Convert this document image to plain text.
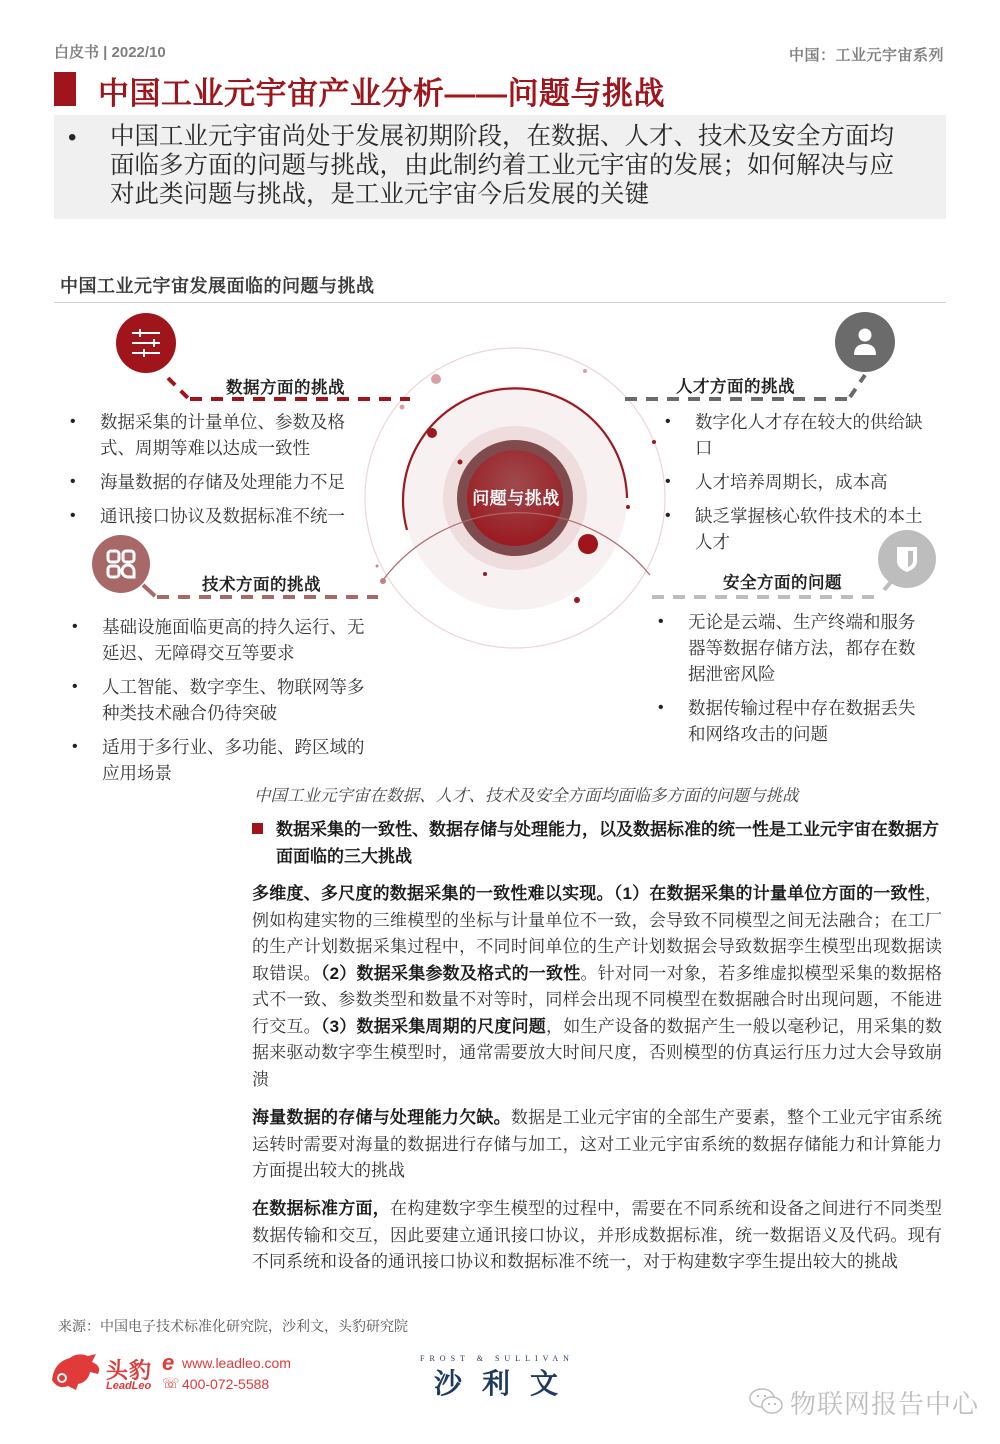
白皮书 | 2022/10	中国：工业元宇宙系列
中国工业元宇宙产业分析——问题与挑战
• 中国工业元宇宙尚处于发展初期阶段，在数据、人才、技术及安全方面均面临多方面的问题与挑战，由此制约着工业元宇宙的发展；如何解决与应对此类问题与挑战，是工业元宇宙今后发展的关键
中国工业元宇宙发展面临的问题与挑战
问题与挑战
数据方面的挑战
• 数据采集的计量单位、参数及格式、周期等难以达成一致性
• 海量数据的存储及处理能力不足
• 通讯接口协议及数据标准不统一
人才方面的挑战
• 数字化人才存在较大的供给缺口
• 人才培养周期长，成本高
• 缺乏掌握核心软件技术的本土人才
技术方面的挑战
• 基础设施面临更高的持久运行、无延迟、无障碍交互等要求
• 人工智能、数字孪生、物联网等多种类技术融合仍待突破
• 适用于多行业、多功能、跨区域的应用场景
安全方面的问题
• 无论是云端、生产终端和服务器等数据存储方法，都存在数据泄密风险
• 数据传输过程中存在数据丢失和网络攻击的问题
中国工业元宇宙在数据、人才、技术及安全方面均面临多方面的问题与挑战
数据采集的一致性、数据存储与处理能力，以及数据标准的统一性是工业元宇宙在数据方面面临的三大挑战
多维度、多尺度的数据采集的一致性难以实现。（1）在数据采集的计量单位方面的一致性，例如构建实物的三维模型的坐标与计量单位不一致，会导致不同模型之间无法融合；在工厂的生产计划数据采集过程中，不同时间单位的生产计划数据会导致数据孪生模型出现数据读取错误。（2）数据采集参数及格式的一致性。针对同一对象，若多维虚拟模型采集的数据格式不一致、参数类型和数量不对等时，同样会出现不同模型在数据融合时出现问题，不能进行交互。（3）数据采集周期的尺度问题，如生产设备的数据产生一般以毫秒记，用采集的数据来驱动数字孪生模型时，通常需要放大时间尺度，否则模型的仿真运行压力过大会导致崩溃
海量数据的存储与处理能力欠缺。数据是工业元宇宙的全部生产要素，整个工业元宇宙系统运转时需要对海量的数据进行存储与加工，这对工业元宇宙系统的数据存储能力和计算能力方面提出较大的挑战
在数据标准方面，在构建数字孪生模型的过程中，需要在不同系统和设备之间进行不同类型数据传输和交互，因此要建立通讯接口协议，并形成数据标准，统一数据语义及代码。现有不同系统和设备的通讯接口协议和数据标准不统一，对于构建数字孪生提出较大的挑战
来源：中国电子技术标准化研究院，沙利文，头豹研究院
头豹
LeadLeo
e www.leadleo.com
☏ 400-072-5588
FROST & SULLIVAN
沙利文
物联网报告中心
